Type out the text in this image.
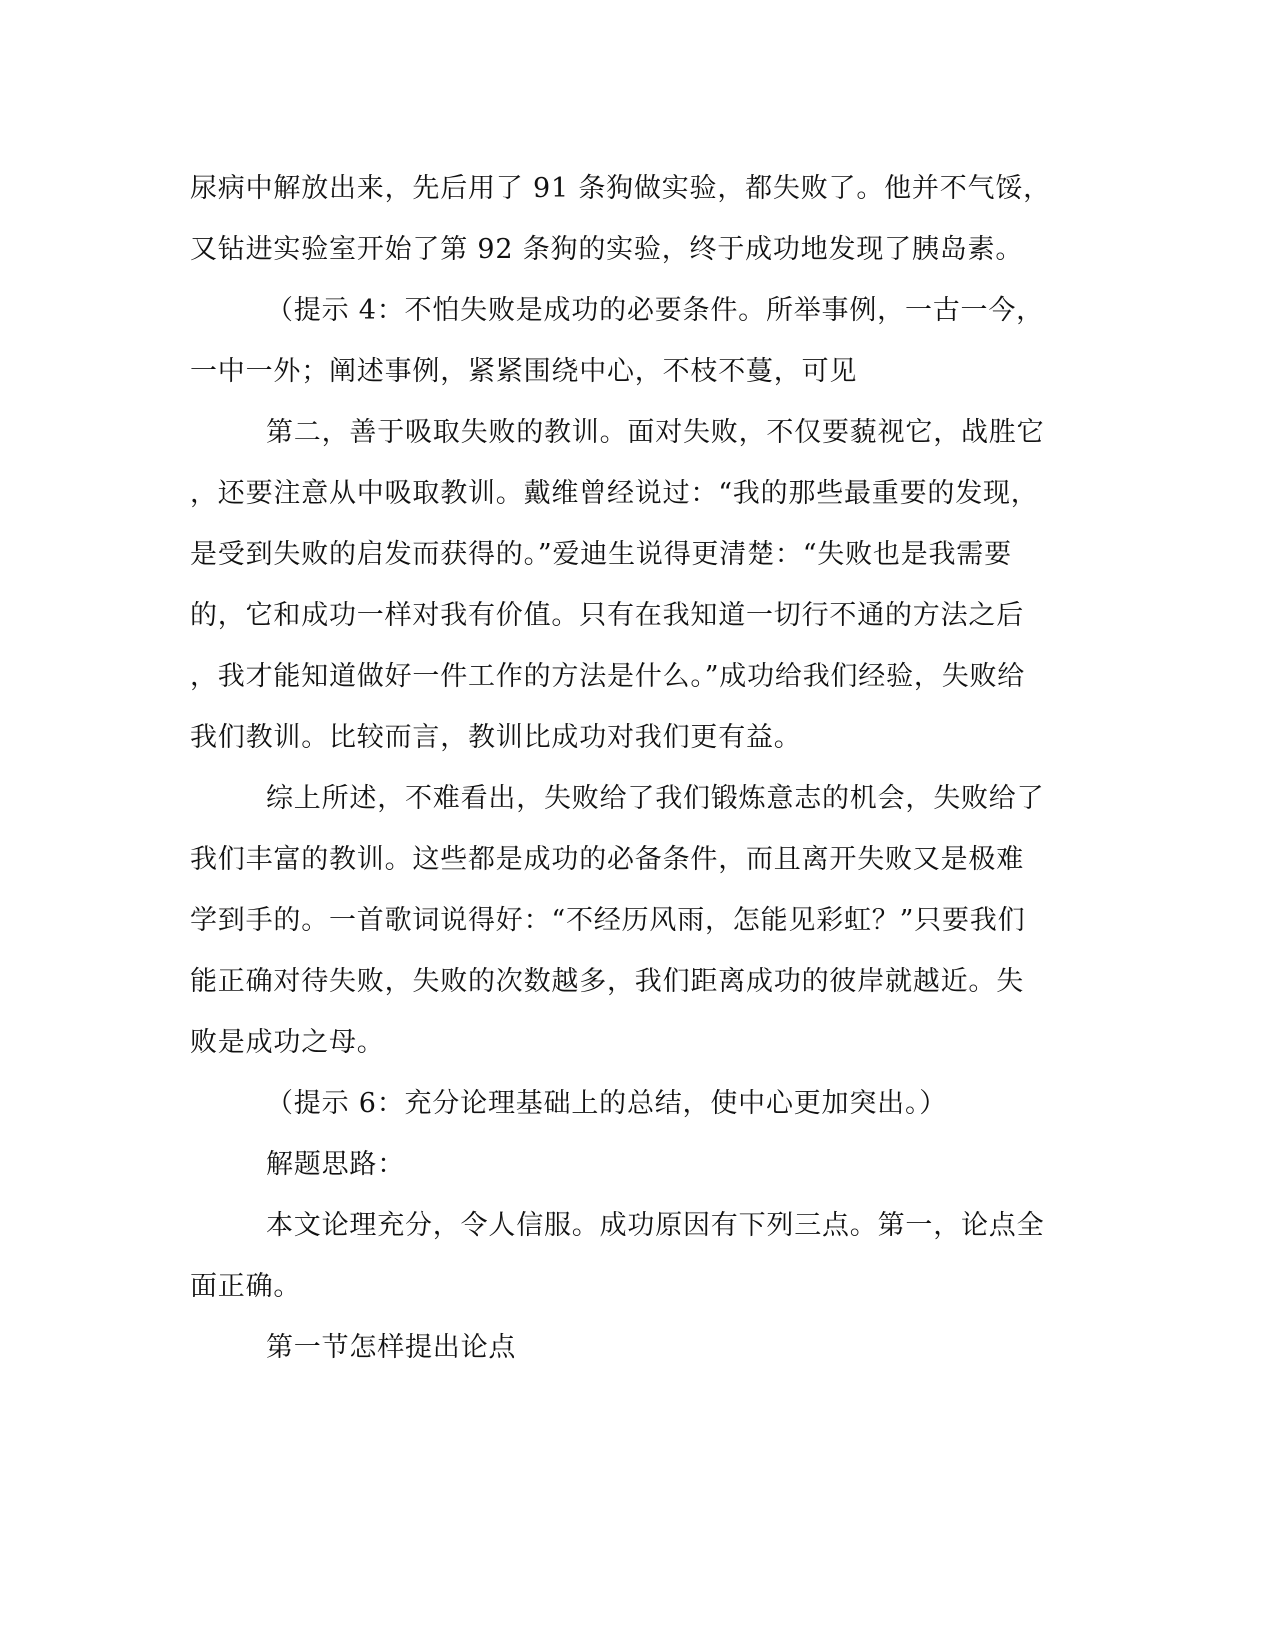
尿病中解放出来，先后用了 91 条狗做实验，都失败了。他并不气馁，
又钻进实验室开始了第 92 条狗的实验，终于成功地发现了胰岛素。
（提示 4：不怕失败是成功的必要条件。所举事例，一古一今，
一中一外；阐述事例，紧紧围绕中心，不枝不蔓，可见
第二，善于吸取失败的教训。面对失败，不仅要藐视它，战胜它
，还要注意从中吸取教训。戴维曾经说过：“我的那些最重要的发现，
是受到失败的启发而获得的。”爱迪生说得更清楚：“失败也是我需要
的，它和成功一样对我有价值。只有在我知道一切行不通的方法之后
，我才能知道做好一件工作的方法是什么。”成功给我们经验，失败给
我们教训。比较而言，教训比成功对我们更有益。
综上所述，不难看出，失败给了我们锻炼意志的机会，失败给了
我们丰富的教训。这些都是成功的必备条件，而且离开失败又是极难
学到手的。一首歌词说得好：“不经历风雨，怎能见彩虹？”只要我们
能正确对待失败，失败的次数越多，我们距离成功的彼岸就越近。失
败是成功之母。
（提示 6：充分论理基础上的总结，使中心更加突出。）
解题思路：
本文论理充分，令人信服。成功原因有下列三点。第一，论点全
面正确。
第一节怎样提出论点
